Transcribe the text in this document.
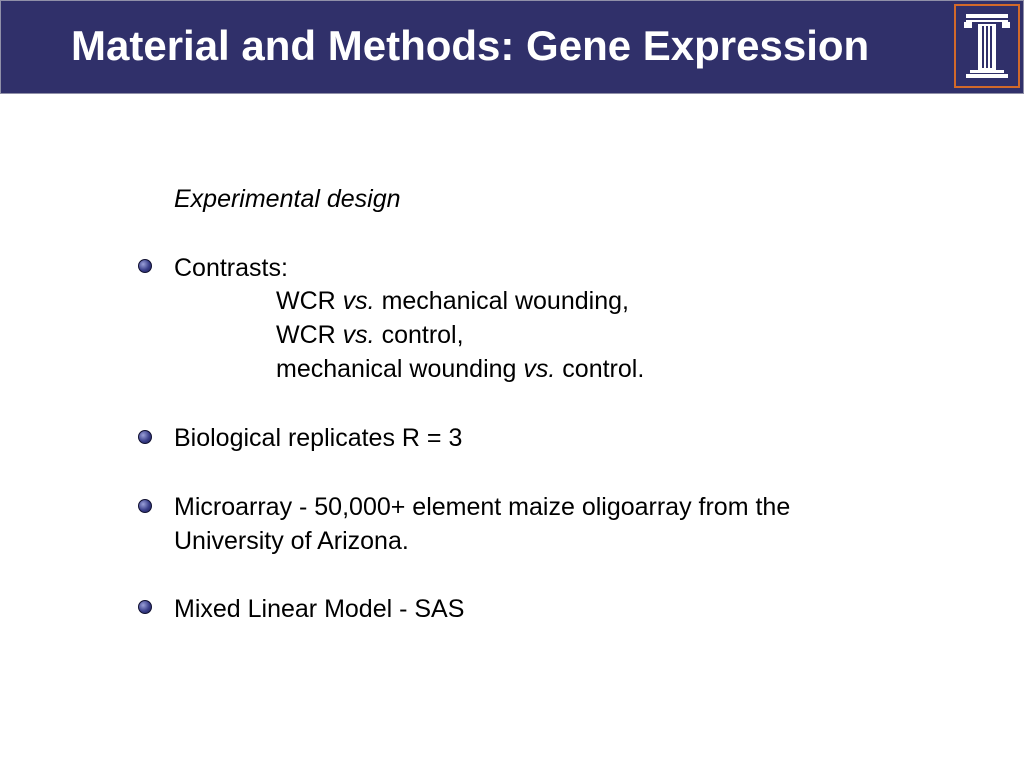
Material and Methods: Gene Expression
Experimental design
Contrasts:
WCR vs. mechanical wounding,
WCR vs. control,
mechanical wounding vs. control.
Biological replicates R = 3
Microarray - 50,000+ element maize oligoarray from the
University of Arizona.
Mixed Linear Model - SAS
